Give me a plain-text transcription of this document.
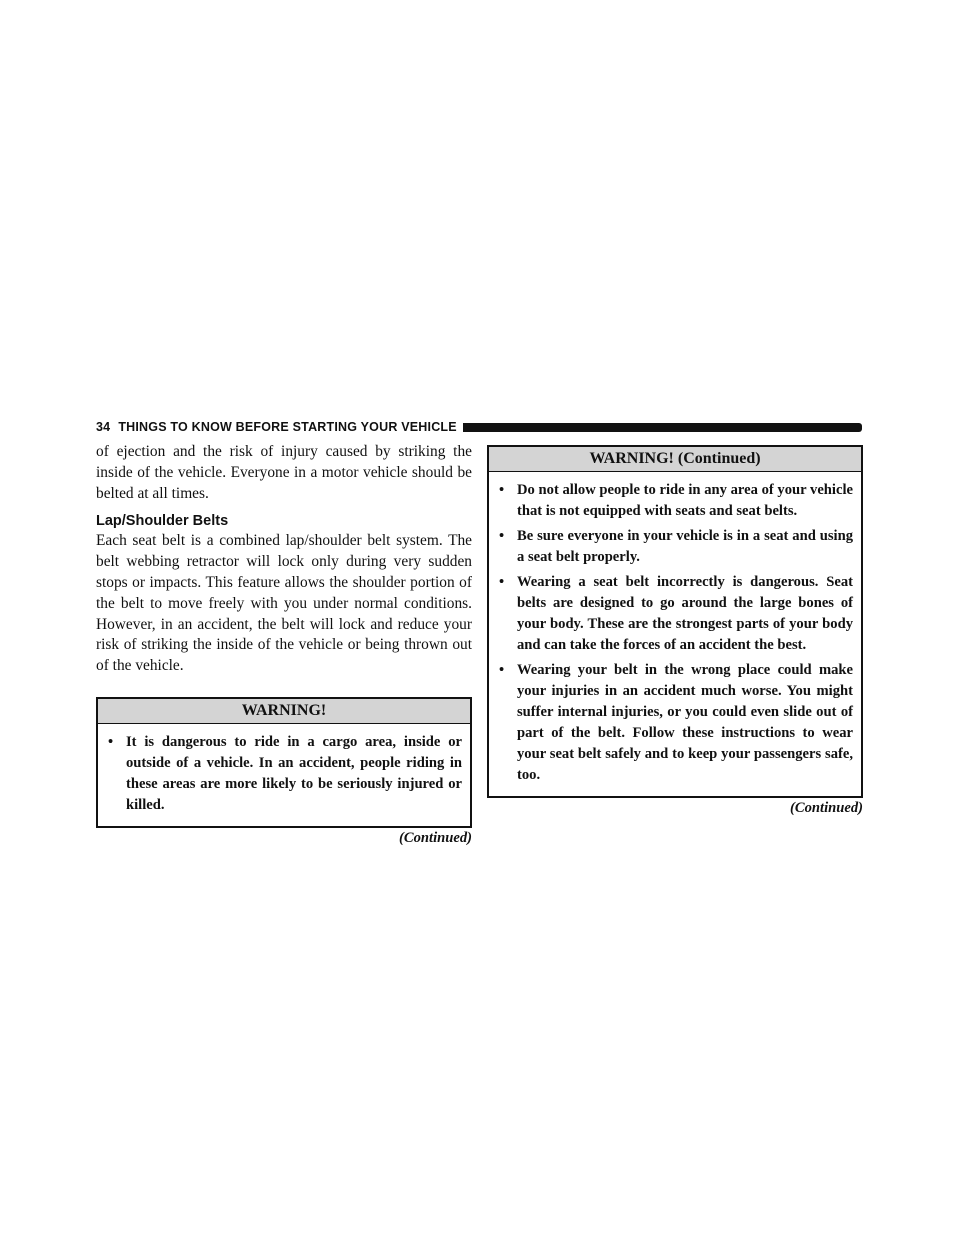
34 THINGS TO KNOW BEFORE STARTING YOUR VEHICLE

of ejection and the risk of injury caused by striking the inside of the vehicle. Everyone in a motor vehicle should be belted at all times.

Lap/Shoulder Belts

Each seat belt is a combined lap/shoulder belt system. The belt webbing retractor will lock only during very sudden stops or impacts. This feature allows the shoulder portion of the belt to move freely with you under normal conditions. However, in an accident, the belt will lock and reduce your risk of striking the inside of the vehicle or being thrown out of the vehicle.

WARNING!
• It is dangerous to ride in a cargo area, inside or outside of a vehicle. In an accident, people riding in these areas are more likely to be seriously injured or killed.
(Continued)
WARNING! (Continued)
• Do not allow people to ride in any area of your vehicle that is not equipped with seats and seat belts.
• Be sure everyone in your vehicle is in a seat and using a seat belt properly.
• Wearing a seat belt incorrectly is dangerous. Seat belts are designed to go around the large bones of your body. These are the strongest parts of your body and can take the forces of an accident the best.
• Wearing your belt in the wrong place could make your injuries in an accident much worse. You might suffer internal injuries, or you could even slide out of part of the belt. Follow these instructions to wear your seat belt safely and to keep your passengers safe, too.
(Continued)
